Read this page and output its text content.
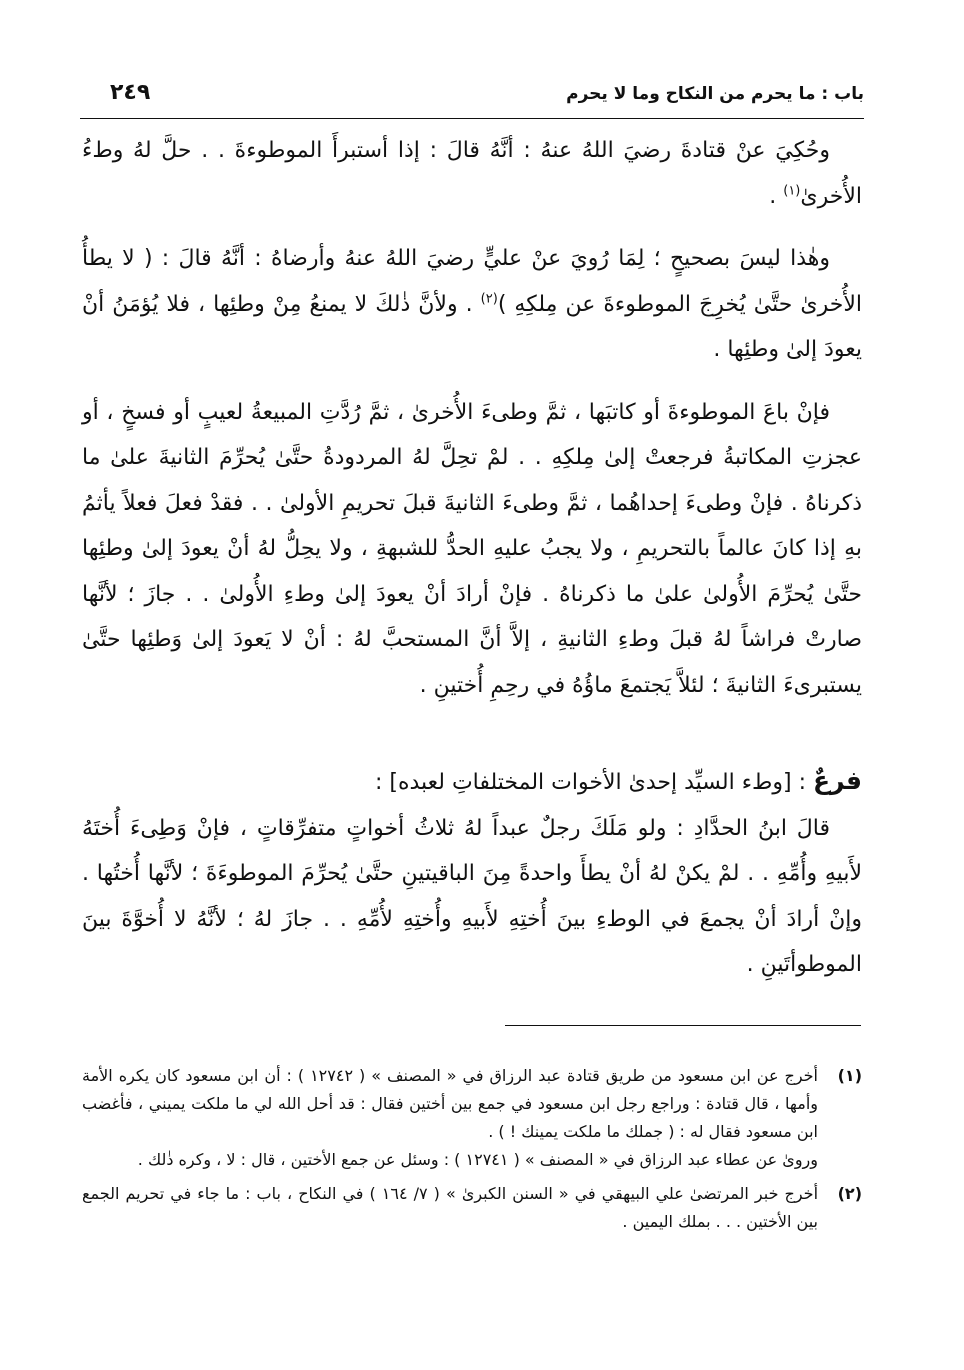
باب : ما يحرم من النكاح وما لا يحرم
٢٤٩

وحُكِيَ عنْ قتادةَ رضيَ اللهُ عنهُ : أنَّهُ قالَ : إذا أستبرأَ الموطوءةَ . . حلَّ لهُ وطءُ الأُخرىٰ$^{(١)}$ .

وهٰذا ليسَ بصحيحٍ ؛ لِمَا رُويَ عنْ عليٍّ رضيَ اللهُ عنهُ وأرضاهُ : أنَّهُ قالَ : ( لا يطأُ الأُخرىٰ حتَّىٰ يُخرِجَ الموطوءةَ عن مِلكِهِ )$^{(٢)}$ . ولأنَّ ذٰلكَ لا يمنعُ مِنْ وطئِها ، فلا يُؤمَنُ أنْ يعودَ إلىٰ وطئِها .

فإنْ باعَ الموطوءةَ أو كاتبَها ، ثمَّ وطىءَ الأُخرىٰ ، ثمَّ رُدَّتِ المبيعةُ لعيبٍ أو فسخٍ ، أو عجزتِ المكاتبةُ فرجعتْ إلىٰ مِلكِهِ . . لمْ تحِلَّ لهُ المردودةُ حتَّىٰ يُحرِّمَ الثانيةَ علىٰ ما ذكرناهُ . فإنْ وطىءَ إحداهُما ، ثمَّ وطىءَ الثانيةَ قبلَ تحريمِ الأولىٰ . . فقدْ فعلَ فعلاً يأثمُ بهِ إذا كانَ عالماً بالتحريمِ ، ولا يجبُ عليهِ الحدُّ للشبهةِ ، ولا يحِلُّ لهُ أنْ يعودَ إلىٰ وطئِها حتَّىٰ يُحرِّمَ الأُولىٰ علىٰ ما ذكرناهُ . فإنْ أرادَ أنْ يعودَ إلىٰ وطءِ الأُولىٰ . . جازَ ؛ لأنَّها صارتْ فراشاً لهُ قبلَ وطءِ الثانيةِ ، إلاَّ أنَّ المستحبَّ لهُ : أنْ لا يَعودَ إلىٰ وَطئِها حتَّىٰ يستبرىءَ الثانيةَ ؛ لئلاَّ يَجتمعَ ماؤُهُ في رحِمِ أُختينِ .

فرعٌ : [وطء السيِّد إحدىٰ الأخوات المختلفاتِ لعبده] :

قالَ ابنُ الحدَّادِ : ولو مَلَكَ رجلٌ عبداً لهُ ثلاثُ أخواتٍ متفرِّقاتٍ ، فإنْ وَطِىءَ أُختَهُ لأَبيهِ وأُمِّهِ . . لمْ يكنْ لهُ أنْ يطأَ واحدةً مِنَ الباقيتينِ حتَّىٰ يُحرِّمَ الموطوءَةَ ؛ لأنَّها أُختُها . وإنْ أرادَ أنْ يجمعَ في الوطءِ بينَ أُختِهِ لأَبيهِ وأُختِهِ لأُمِّهِ . . جازَ لهُ ؛ لأنَّهُ لا أُخوَّةَ بينَ الموطوأتَينِ .

(١)
أخرج عن ابن مسعود من طريق قتادة عبد الرزاق في « المصنف » ( ١٢٧٤٢ ) : أن ابن مسعود كان يكره الأمة وأمها ، قال قتادة : وراجع رجل ابن مسعود في جمع بين أختين فقال : قد أحل الله لي ما ملكت يميني ، فأغضب ابن مسعود فقال له : ( جملك ما ملكت يمينك ! ) .
وروىٰ عن عطاء عبد الرزاق في « المصنف » ( ١٢٧٤١ ) : وسئل عن جمع الأختين ، قال : لا ، وكره ذٰلك .
(٢)
أخرج خبر المرتضىٰ علي البيهقي في « السنن الكبرىٰ » ( ٧/ ١٦٤ ) في النكاح ، باب : ما جاء في تحريم الجمع بين الأختين . . . بملك اليمين .
